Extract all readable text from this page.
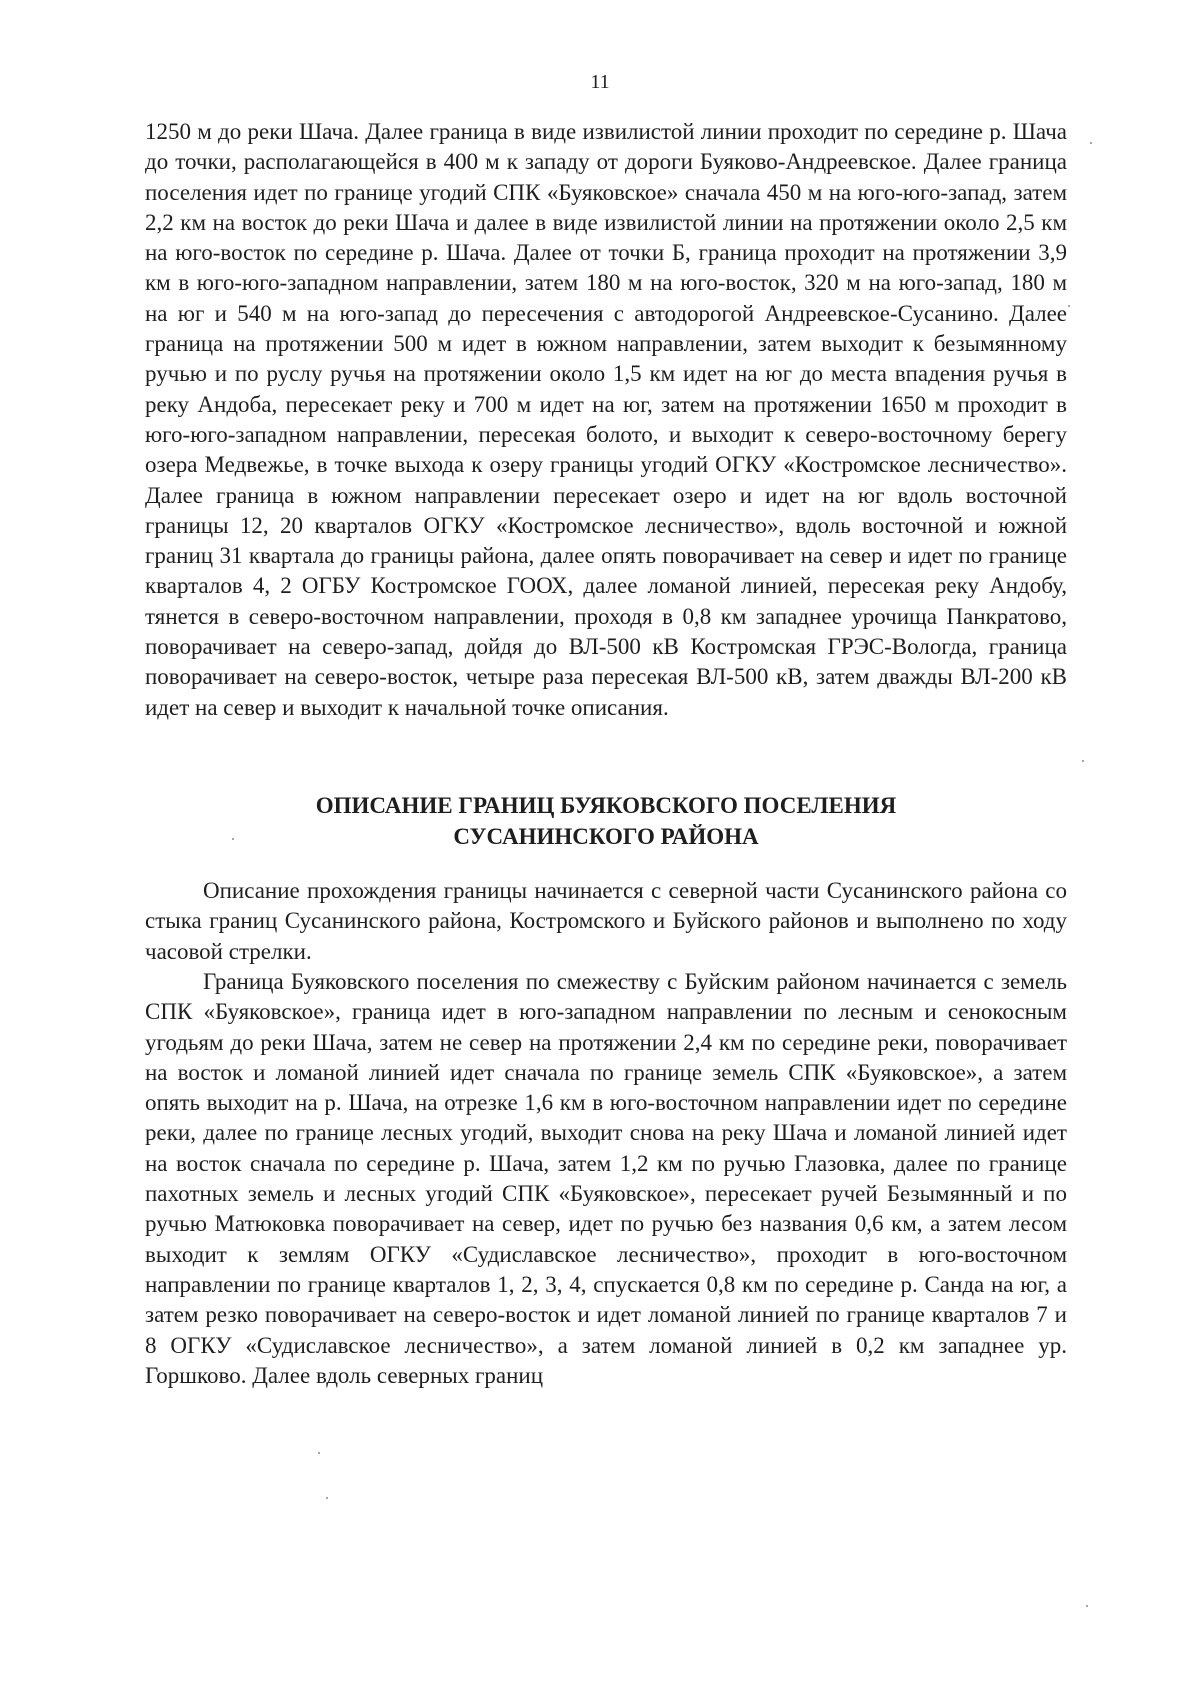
11

1250 м до реки Шача. Далее граница в виде извилистой линии проходит по середине р. Шача до точки, располагающейся в 400 м к западу от дороги Буяково-Андреевское. Далее граница поселения идет по границе угодий СПК «Буяковское» сначала 450 м на юго-юго-запад, затем 2,2 км на восток до реки Шача и далее в виде извилистой линии на протяжении около 2,5 км на юго-восток по середине р. Шача. Далее от точки Б, граница проходит на протяжении 3,9 км в юго-юго-западном направлении, затем 180 м на юго-восток, 320 м на юго-запад, 180 м на юг и 540 м на юго-запад до пересечения с автодорогой Андреевское-Сусанино. Далее граница на протяжении 500 м идет в южном направлении, затем выходит к безымянному ручью и по руслу ручья на протяжении около 1,5 км идет на юг до места впадения ручья в реку Андоба, пересекает реку и 700 м идет на юг, затем на протяжении 1650 м проходит в юго-юго-западном направлении, пересекая болото, и выходит к северо-восточному берегу озера Медвежье, в точке выхода к озеру границы угодий ОГКУ «Костромское лесничество». Далее граница в южном направлении пересекает озеро и идет на юг вдоль восточной границы 12, 20 кварталов ОГКУ «Костромское лесничество», вдоль восточной и южной границ 31 квартала до границы района, далее опять поворачивает на север и идет по границе кварталов 4, 2 ОГБУ Костромское ГООХ, далее ломаной линией, пересекая реку Андобу, тянется в северо-восточном направлении, проходя в 0,8 км западнее урочища Панкратово, поворачивает на северо-запад, дойдя до ВЛ-500 кВ Костромская ГРЭС-Вологда, граница поворачивает на северо-восток, четыре раза пересекая ВЛ-500 кВ, затем дважды ВЛ-200 кВ идет на север и выходит к начальной точке описания.

ОПИСАНИЕ ГРАНИЦ БУЯКОВСКОГО ПОСЕЛЕНИЯ
СУСАНИНСКОГО РАЙОНА

Описание прохождения границы начинается с северной части Сусанинского района со стыка границ Сусанинского района, Костромского и Буйского районов и выполнено по ходу часовой стрелки.

Граница Буяковского поселения по смежеству с Буйским районом начинается с земель СПК «Буяковское», граница идет в юго-западном направлении по лесным и сенокосным угодьям до реки Шача, затем не север на протяжении 2,4 км по середине реки, поворачивает на восток и ломаной линией идет сначала по границе земель СПК «Буяковское», а затем опять выходит на р. Шача, на отрезке 1,6 км в юго-восточном направлении идет по середине реки, далее по границе лесных угодий, выходит снова на реку Шача и ломаной линией идет на восток сначала по середине р. Шача, затем 1,2 км по ручью Глазовка, далее по границе пахотных земель и лесных угодий СПК «Буяковское», пересекает ручей Безымянный и по ручью Матюковка поворачивает на север, идет по ручью без названия 0,6 км, а затем лесом выходит к землям ОГКУ «Судиславское лесничество», проходит в юго-восточном направлении по границе кварталов 1, 2, 3, 4, спускается 0,8 км по середине р. Санда на юг, а затем резко поворачивает на северо-восток и идет ломаной линией по границе кварталов 7 и 8 ОГКУ «Судиславское лесничество», а затем ломаной линией в 0,2 км западнее ур. Горшково. Далее вдоль северных границ
